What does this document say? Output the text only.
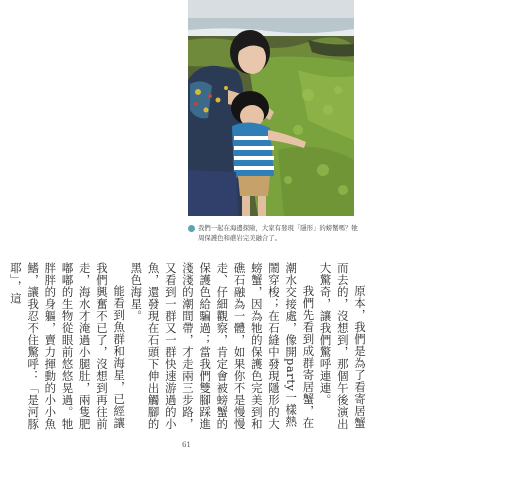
我們一起在海邊探險，大家有發現「隱形」的螃蟹嗎？牠周保護色和礁岩完美融合了。

原本，我們是為了看寄居蟹而去的，沒想到，那個午後演出大驚奇，讓我們驚呼連連。

我們先看到成群寄居蟹，在潮水交接處，像開party一樣熱鬧穿梭；在石縫中發現隱形的大螃蟹，因為牠的保護色完美到和礁石融為一體，如果你不是慢慢走、仔細觀察，肯定會被螃蟹的保護色給騙過；當我們雙腳踩進淺淺的潮間帶，才走兩三步路，又看到一群又一群快速游過的小魚，還發現在石頭下伸出觸腳的黑色海星。

能看到魚群和海星，已經讓我們興奮不已了，沒想到再往前走，海水才淹過小腿肚，兩隻肥嘟嘟的生物從眼前悠悠晃過。牠胖胖的身軀，賣力揮動的小小魚鰭，讓我忍不住驚呼：「是河豚耶」，這

61
